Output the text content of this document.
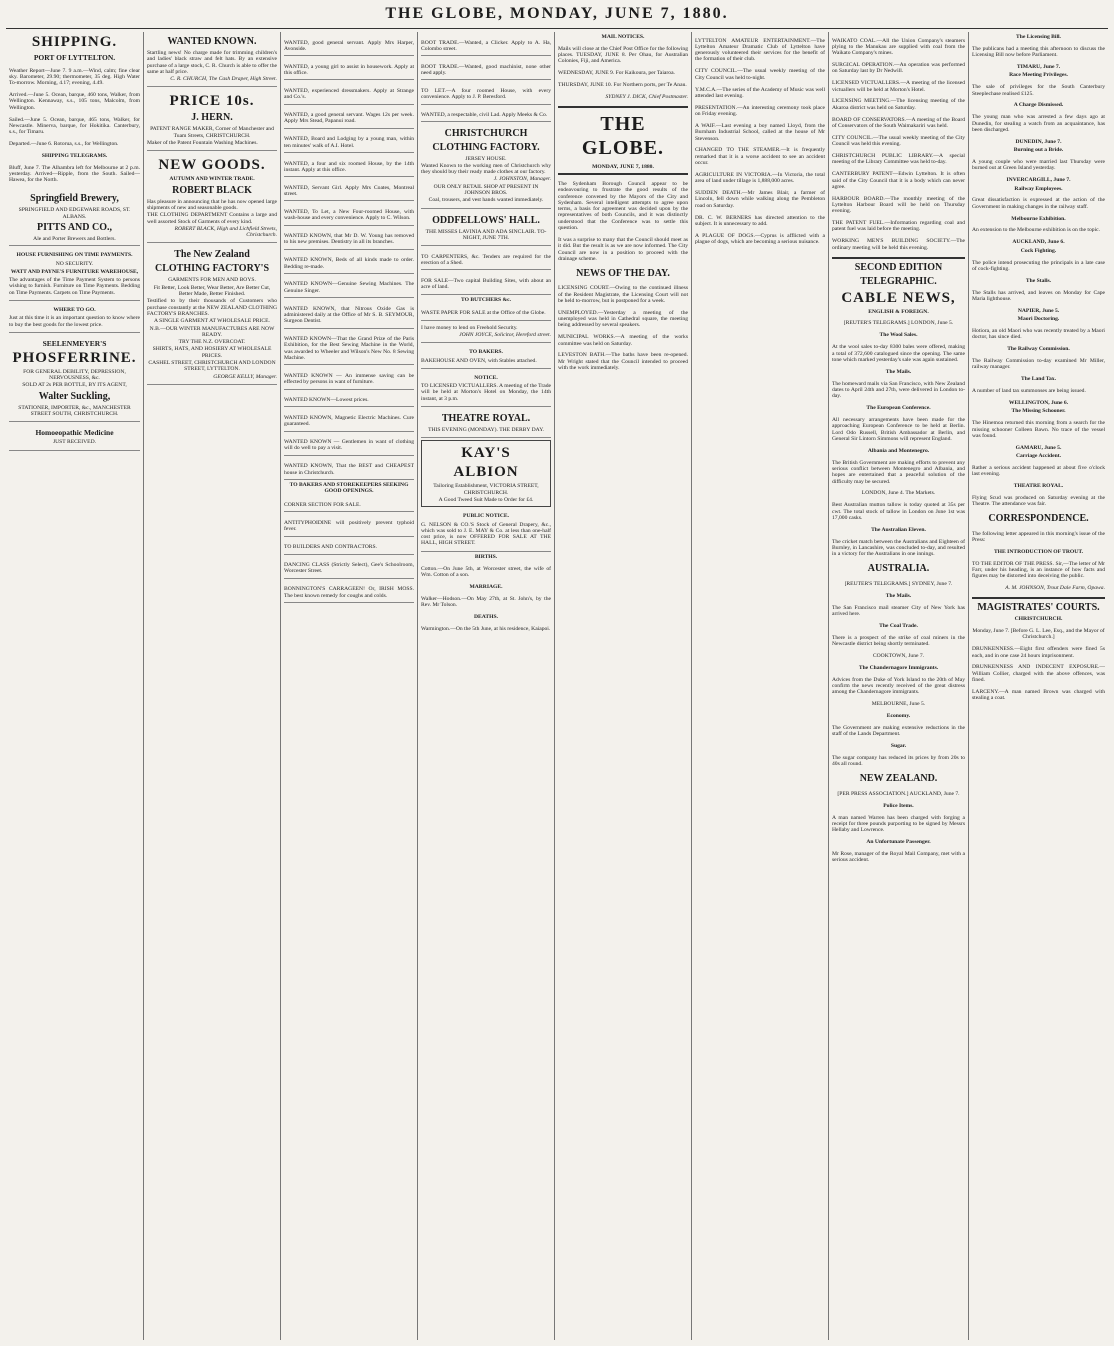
THE GLOBE, MONDAY, JUNE 7, 1880.
SHIPPING.
PORT OF LYTTELTON.

Weather Report—June 7. 9 a.m.—Wind, calm; fine clear sky. Barometer, 29.90; thermometer, 35 deg. High Water To-morrow. Morning, 4.17; evening, 4.49.

Arrived.—June 5. Ocean, barque, 460 tons, Walker, from Wellington. Kennaway, s.s., 105 tons, Malcolm, from Wellington.

Sailed.—June 5. Ocean, barque, 465 tons, Walker, for Newcastle. Minerva, barque, for Hokitika. Canterbury, s.s., for Timaru.

Departed.—June 6. Rotorua, s.s., for Wellington.

SHIPPING TELEGRAMS.

Bluff, June 7. The Alhambra left for Melbourne at 2 p.m. yesterday. Arrived—Ripple, from the South. Sailed—Hawea, for the North.

Springfield Brewery,
SPRINGFIELD AND EDGEWARE ROADS, ST. ALBANS.
PITTS AND CO.,
Ale and Porter Brewers and Bottlers.
HOUSE FURNISHING ON TIME PAYMENTS.
NO SECURITY.
WATT AND PAYNE'S FURNITURE WAREHOUSE,

The advantages of the Time Payment System to persons wishing to furnish. Furniture on Time Payments. Bedding on Time Payments. Carpets on Time Payments.

WHERE TO GO.

Just at this time it is an important question to know where to buy the best goods for the lowest price.

SEELENMEYER'S
PHOSFERRINE.

FOR GENERAL DEBILITY, DEPRESSION, NERVOUSNESS, &c.

SOLD AT 2s PER BOTTLE, BY ITS AGENT,

Walter Suckling,

STATIONER, IMPORTER, &c., MANCHESTER STREET SOUTH, CHRISTCHURCH.

Homoeopathic Medicine

JUST RECEIVED.

WANTED KNOWN.

Startling news! No charge made for trimming children's and ladies' black straw and felt hats. By an extensive purchase of a large stock, C. R. Church is able to offer the same at half price.

C. R. CHURCH, The Cash Draper, High Street.

PRICE 10s.
J. HERN.

PATENT RANGE MAKER, Corner of Manchester and Tuam Streets, CHRISTCHURCH.

Maker of the Patent Fountain Washing Machines.

NEW GOODS.
AUTUMN AND WINTER TRADE.
ROBERT BLACK

Has pleasure in announcing that he has now opened large shipments of new and seasonable goods.

THE CLOTHING DEPARTMENT Contains a large and well assorted Stock of Garments of every kind.

ROBERT BLACK, High and Lichfield Streets, Christchurch.

The New Zealand
CLOTHING FACTORY'S

GARMENTS FOR MEN AND BOYS.

Fit Better, Look Better, Wear Better, Are Better Cut, Better Made, Better Finished.

Testified to by their thousands of Customers who purchase constantly at the NEW ZEALAND CLOTHING FACTORY'S BRANCHES.

A SINGLE GARMENT AT WHOLESALE PRICE.

N.B.—OUR WINTER MANUFACTURES ARE NOW READY.

TRY THE N.Z. OVERCOAT.

SHIRTS, HATS, AND HOSIERY AT WHOLESALE PRICES.

CASHEL STREET, CHRISTCHURCH AND LONDON STREET, LYTTELTON.

GEORGE KELLY, Manager.

WANTED, good general servant. Apply Mrs Harper, Avonside.

WANTED, a young girl to assist in housework. Apply at this office.

WANTED, experienced dressmakers. Apply at Strange and Co.'s.

WANTED, a good general servant. Wages 12s per week. Apply Mrs Stead, Papanui road.

WANTED, Board and Lodging by a young man, within ten minutes' walk of A.I. Hotel.

WANTED, a four and six roomed House, by the 14th instant. Apply at this office.

WANTED, Servant Girl. Apply Mrs Coates, Montreal street.

WANTED, To Let, a New Four-roomed House, with wash-house and every convenience. Apply to C. Wilson.

WANTED KNOWN, that Mr D. W. Young has removed to his new premises. Dentistry in all its branches.

WANTED KNOWN, Beds of all kinds made to order. Bedding re-made.

WANTED KNOWN—Genuine Sewing Machines. The Genuine Singer.

WANTED KNOWN, that Nitrous Oxide Gas is administered daily at the Office of Mr S. B. SEYMOUR, Surgeon Dentist.

WANTED KNOWN—That the Grand Prize of the Paris Exhibition, for the Best Sewing Machine in the World, was awarded to Wheeler and Wilson's New No. 8 Sewing Machine.

WANTED KNOWN — An immense saving can be effected by persons in want of furniture.

WANTED KNOWN—Lowest prices.

WANTED KNOWN, Magnetic Electric Machines. Cure guaranteed.

WANTED KNOWN — Gentlemen in want of clothing will do well to pay a visit.

WANTED KNOWN, That the BEST and CHEAPEST house in Christchurch.

TO BAKERS AND STOREKEEPERS SEEKING GOOD OPENINGS.

CORNER SECTION FOR SALE.

ANTITYPHOIDINE will positively prevent typhoid fever.

TO BUILDERS AND CONTRACTORS.

DANCING CLASS (Strictly Select), Gee's Schoolroom, Worcester Street.

BONNINGTON'S CARRAGEEN! Or, IRISH MOSS. The best known remedy for coughs and colds.

BOOT TRADE.—Wanted, a Clicker. Apply to A. Ha, Colombo street.

BOOT TRADE.—Wanted, good machinist, none other need apply.

TO LET.—A four roomed House, with every convenience. Apply to J. P. Beresford.

WANTED, a respectable, civil Lad. Apply Meeks & Co.

CHRISTCHURCH
CLOTHING FACTORY.
JERSEY HOUSE.

Wanted Known to the working men of Christchurch why they should buy their ready made clothes at our factory.

J. JOHNSTON, Manager.

OUR ONLY RETAIL SHOP AT PRESENT IN JOHNSON BROS.

Coal, trousers, and vest hands wanted immediately.

ODDFELLOWS' HALL.

THE MISSES LAVINIA AND ADA SINCLAIR. TO-NIGHT, JUNE 7TH.

TO CARPENTERS, &c. Tenders are required for the erection of a Shed.

FOR SALE—Two capital Building Sites, with about an acre of land.

TO BUTCHERS &c.

WASTE PAPER FOR SALE at the Office of the Globe.

I have money to lend on Freehold Security.

JOHN JOYCE, Solicitor, Hereford street.

TO BAKERS.

BAKEHOUSE AND OVEN, with Stables attached.

NOTICE.

TO LICENSED VICTUALLERS. A meeting of the Trade will be held at Morton's Hotel on Monday, the 14th instant, at 3 p.m.

THEATRE ROYAL.

THIS EVENING (MONDAY). THE DERBY DAY.

KAY'S
ALBION

Tailoring Establishment, VICTORIA STREET, CHRISTCHURCH.

A Good Tweed Suit Made to Order for £4.

PUBLIC NOTICE.

G. NELSON & CO.'S Stock of General Drapery, &c., which was sold to J. E. MAY & Co. at less than one-half cost price, is now OFFERED FOR SALE AT THE HALL, HIGH STREET.

BIRTHS.

Cotton.—On June 5th, at Worcester street, the wife of Wm. Cotton of a son.

MARRIAGE.

Walker—Hodson.—On May 27th, at St. John's, by the Rev. Mr Tolson.

DEATHS.

Warmington.—On the 5th June, at his residence, Kaiapoi.

MAIL NOTICES.

Mails will close at the Chief Post Office for the following places. TUESDAY, JUNE 8. Per Ohau, for Australian Colonies, Fiji, and America.

WEDNESDAY, JUNE 9. For Kaikoura, per Taiaroa.

THURSDAY, JUNE 10. For Northern ports, per Te Anau.

SYDNEY J. DICK, Chief Postmaster.

THE GLOBE.
MONDAY, JUNE 7, 1880.

The Sydenham Borough Council appear to be endeavouring to frustrate the good results of the conference convened by the Mayors of the City and Sydenham. Several intelligent attempts to agree upon terms, a basis for agreement was decided upon by the representatives of both Councils, and it was distinctly understood that the Conference was to settle this question.

It was a surprise to many that the Council should meet as it did. But the result is as we are now informed. The City Council are now in a position to proceed with the drainage scheme.

NEWS OF THE DAY.

LICENSING COURT.—Owing to the continued illness of the Resident Magistrate, the Licensing Court will not be held to-morrow, but is postponed for a week.

UNEMPLOYED.—Yesterday a meeting of the unemployed was held in Cathedral square, the meeting being addressed by several speakers.

MUNICIPAL WORKS.—A meeting of the works committee was held on Saturday.

LEVESTON BATH.—The baths have been re-opened. Mr Wright stated that the Council intended to proceed with the work immediately.

LYTTELTON AMATEUR ENTERTAINMENT.—The Lyttelton Amateur Dramatic Club of Lyttelton have generously volunteered their services for the benefit of the formation of their club.

CITY COUNCIL.—The usual weekly meeting of the City Council was held to-night.

Y.M.C.A.—The series of the Academy of Music was well attended last evening.

PRESENTATION.—An interesting ceremony took place on Friday evening.

A WAIF.—Last evening a boy named Lloyd, from the Burnham Industrial School, called at the house of Mr Stevenson.

CHANGED TO THE STEAMER.—It is frequently remarked that it is a worse accident to see an accident occur.

AGRICULTURE IN VICTORIA.—In Victoria, the total area of land under tillage is 1,888,000 acres.

SUDDEN DEATH.—Mr James Blair, a farmer of Lincoln, fell down while walking along the Pembleton road on Saturday.

DR. C. W. BERNERS has directed attention to the subject. It is unnecessary to add.

A PLAGUE OF DOGS.—Cyprus is afflicted with a plague of dogs, which are becoming a serious nuisance.

WAIKATO COAL.—All the Union Company's steamers plying to the Manukau are supplied with coal from the Waikato Company's mines.

SURGICAL OPERATION.—An operation was performed on Saturday last by Dr Nedwill.

LICENSED VICTUALLERS.—A meeting of the licensed victuallers will be held at Morton's Hotel.

LICENSING MEETING.—The licensing meeting of the Akaroa district was held on Saturday.

BOARD OF CONSERVATORS.—A meeting of the Board of Conservators of the South Waimakariri was held.

CITY COUNCIL.—The usual weekly meeting of the City Council was held this evening.

CHRISTCHURCH PUBLIC LIBRARY.—A special meeting of the Library Committee was held to-day.

CANTERBURY PATENT—Edwin Lyttelton. It is often said of the City Council that it is a body which can never agree.

HARBOUR BOARD.—The monthly meeting of the Lyttelton Harbour Board will be held on Thursday evening.

THE PATENT FUEL.—Information regarding coal and patent fuel was laid before the meeting.

WORKING MEN'S BUILDING SOCIETY.—The ordinary meeting will be held this evening.

SECOND EDITION
TELEGRAPHIC.
CABLE NEWS,
ENGLISH & FOREIGN.

[REUTER'S TELEGRAMS.] LONDON, June 5.

The Wool Sales.

At the wool sales to-day 8300 bales were offered, making a total of 372,600 catalogued since the opening. The same tone which marked yesterday's sale was again sustained.

The Mails.

The homeward mails via San Francisco, with New Zealand dates to April 24th and 27th, were delivered in London to-day.

The European Conference.

All necessary arrangements have been made for the approaching European Conference to be held at Berlin. Lord Odo Russell, British Ambassador at Berlin, and General Sir Lintorn Simmons will represent England.

Albania and Montenegro.

The British Government are making efforts to prevent any serious conflict between Montenegro and Albania, and hopes are entertained that a peaceful solution of the difficulty may be secured.

LONDON, June 4. The Markets.

Best Australian mutton tallow is today quoted at 35s per cwt. The total stock of tallow in London on June 1st was 17,000 casks.

The Australian Eleven.

The cricket match between the Australians and Eighteen of Burnley, in Lancashire, was concluded to-day, and resulted in a victory for the Australians in one innings.

AUSTRALIA.

[REUTER'S TELEGRAMS.] SYDNEY, June 7.

The Mails.

The San Francisco mail steamer City of New York has arrived here.

The Coal Trade.

There is a prospect of the strike of coal miners in the Newcastle district being shortly terminated.

COOKTOWN, June 7.

The Chandernagore Immigrants.

Advices from the Duke of York Island to the 20th of May confirm the news recently received of the great distress among the Chandernagore immigrants.

MELBOURNE, June 5.

Economy.

The Government are making extensive reductions in the staff of the Lands Department.

Sugar.

The sugar company has reduced its prices by from 20s to 40s all round.

NEW ZEALAND.

[PER PRESS ASSOCIATION.] AUCKLAND, June 7.

Police Items.

A man named Warren has been charged with forging a receipt for three pounds purporting to be signed by Messrs Hellaby and Lowrence.

An Unfortunate Passenger.

Mr Rose, manager of the Royal Mail Company, met with a serious accident.

The Licensing Bill.

The publicans had a meeting this afternoon to discuss the Licensing Bill now before Parliament.

TIMARU, June 7.
Race Meeting Privileges.

The sale of privileges for the South Canterbury Steeplechase realised £125.

A Charge Dismissed.

The young man who was arrested a few days ago at Dunedin, for stealing a watch from an acquaintance, has been discharged.

DUNEDIN, June 7.
Burning out a Bride.

A young couple who were married last Thursday were burned out at Green Island yesterday.

INVERCARGILL, June 7.
Railway Employees.

Great dissatisfaction is expressed at the action of the Government in making changes in the railway staff.

Melbourne Exhibition.

An extension to the Melbourne exhibition is on the topic.

AUCKLAND, June 6.
Cock Fighting.

The police intend prosecuting the principals in a late case of cock-fighting.

The Stalls.

The Stalls has arrived, and leaves on Monday for Cape Maria lighthouse.

NAPIER, June 5.
Maori Doctoring.

Hotiora, an old Maori who was recently treated by a Maori doctor, has since died.

The Railway Commission.

The Railway Commission to-day examined Mr Miller, railway manager.

The Land Tax.

A number of land tax summonses are being issued.

WELLINGTON, June 6.
The Missing Schooner.

The Hinemoa returned this morning from a search for the missing schooner Colleen Bawn. No trace of the vessel was found.

GAMARU, June 5.
Carriage Accident.

Rather a serious accident happened at about five o'clock last evening.

THEATRE ROYAL.

Flying Scud was produced on Saturday evening at the Theatre. The attendance was fair.

CORRESPONDENCE.

The following letter appeared in this morning's issue of the Press:

THE INTRODUCTION OF TROUT.

TO THE EDITOR OF THE PRESS. Sir,—The letter of Mr Farr, under his heading, is an instance of how facts and figures may be distorted into deceiving the public.

A. M. JOHNSON, Trout Dale Farm, Opawa.

MAGISTRATES' COURTS.
CHRISTCHURCH.

Monday, June 7. [Before G. L. Lee, Esq., and the Mayor of Christchurch.]

DRUNKENNESS.—Eight first offenders were fined 5s each, and in one case 24 hours imprisonment.

DRUNKENNESS AND INDECENT EXPOSURE.—William Collier, charged with the above offences, was fined.

LARCENY.—A man named Brown was charged with stealing a coat.
